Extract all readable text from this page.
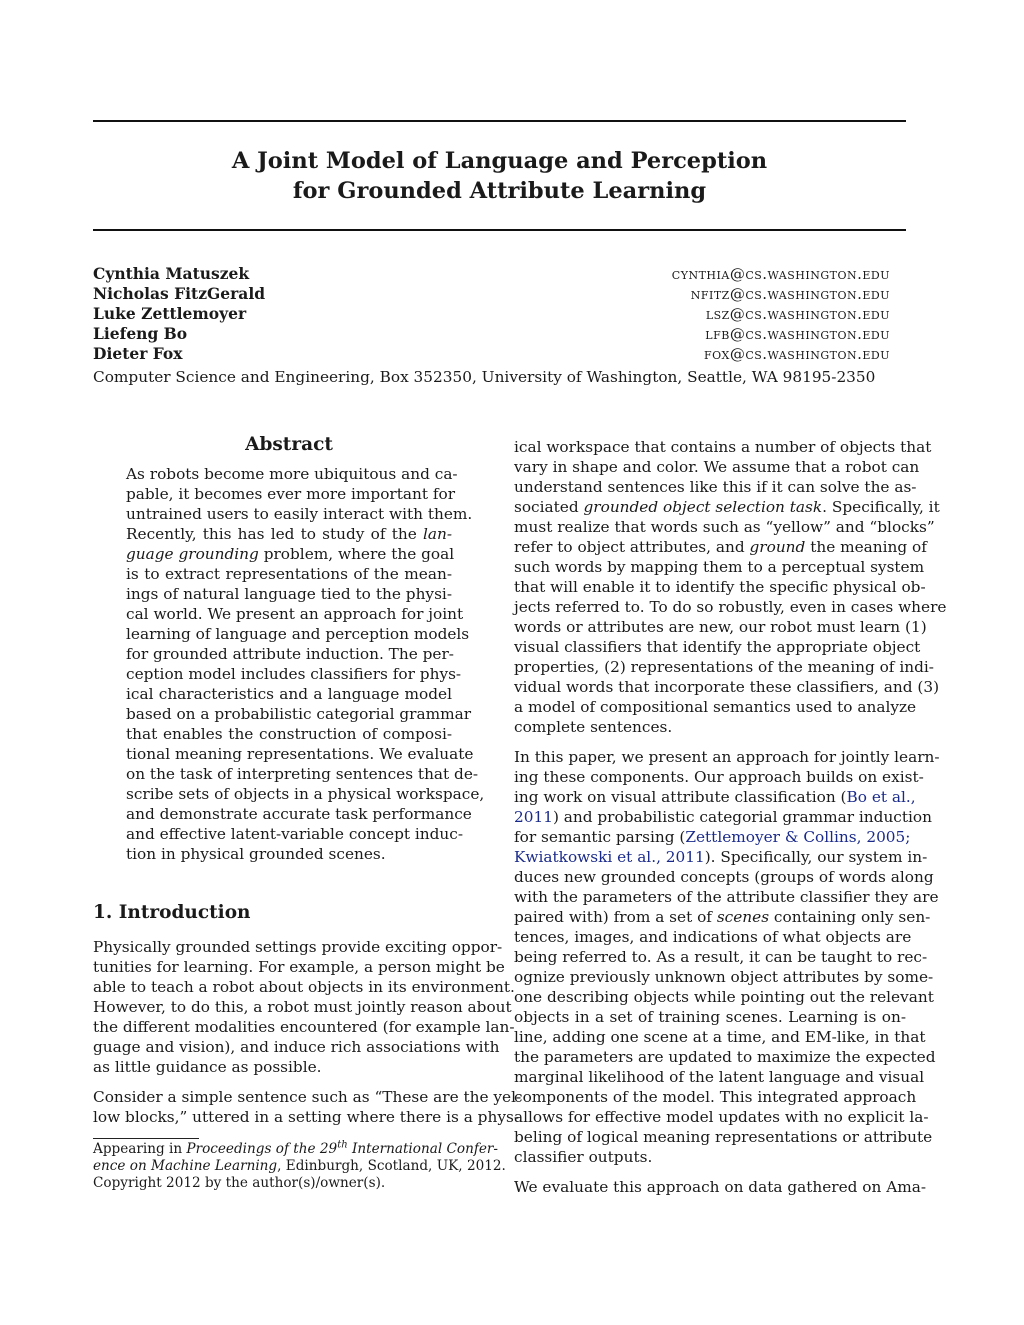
A Joint Model of Language and Perception
for Grounded Attribute Learning
Cynthia Matuszek	cynthia@cs.washington.edu
Nicholas FitzGerald	nfitz@cs.washington.edu
Luke Zettlemoyer	lsz@cs.washington.edu
Liefeng Bo	lfb@cs.washington.edu
Dieter Fox	fox@cs.washington.edu
Computer Science and Engineering, Box 352350, University of Washington, Seattle, WA 98195-2350
Abstract
As robots become more ubiquitous and ca-
pable, it becomes ever more important for
untrained users to easily interact with them.
Recently, this has led to study of the lan-
guage grounding problem, where the goal
is to extract representations of the mean-
ings of natural language tied to the physi-
cal world. We present an approach for joint
learning of language and perception models
for grounded attribute induction. The per-
ception model includes classifiers for phys-
ical characteristics and a language model
based on a probabilistic categorial grammar
that enables the construction of composi-
tional meaning representations. We evaluate
on the task of interpreting sentences that de-
scribe sets of objects in a physical workspace,
and demonstrate accurate task performance
and effective latent-variable concept induc-
tion in physical grounded scenes.
1. Introduction
Physically grounded settings provide exciting oppor-
tunities for learning. For example, a person might be
able to teach a robot about objects in its environment.
However, to do this, a robot must jointly reason about
the different modalities encountered (for example lan-
guage and vision), and induce rich associations with
as little guidance as possible.
Consider a simple sentence such as “These are the yel-
low blocks,” uttered in a setting where there is a phys-
Appearing in Proceedings of the 29th International Confer-
ence on Machine Learning, Edinburgh, Scotland, UK, 2012.
Copyright 2012 by the author(s)/owner(s).
ical workspace that contains a number of objects that
vary in shape and color. We assume that a robot can
understand sentences like this if it can solve the as-
sociated grounded object selection task. Specifically, it
must realize that words such as “yellow” and “blocks”
refer to object attributes, and ground the meaning of
such words by mapping them to a perceptual system
that will enable it to identify the specific physical ob-
jects referred to. To do so robustly, even in cases where
words or attributes are new, our robot must learn (1)
visual classifiers that identify the appropriate object
properties, (2) representations of the meaning of indi-
vidual words that incorporate these classifiers, and (3)
a model of compositional semantics used to analyze
complete sentences.
In this paper, we present an approach for jointly learn-
ing these components. Our approach builds on exist-
ing work on visual attribute classification (Bo et al.,
2011) and probabilistic categorial grammar induction
for semantic parsing (Zettlemoyer & Collins, 2005;
Kwiatkowski et al., 2011). Specifically, our system in-
duces new grounded concepts (groups of words along
with the parameters of the attribute classifier they are
paired with) from a set of scenes containing only sen-
tences, images, and indications of what objects are
being referred to. As a result, it can be taught to rec-
ognize previously unknown object attributes by some-
one describing objects while pointing out the relevant
objects in a set of training scenes. Learning is on-
line, adding one scene at a time, and EM-like, in that
the parameters are updated to maximize the expected
marginal likelihood of the latent language and visual
components of the model. This integrated approach
allows for effective model updates with no explicit la-
beling of logical meaning representations or attribute
classifier outputs.
We evaluate this approach on data gathered on Ama-
